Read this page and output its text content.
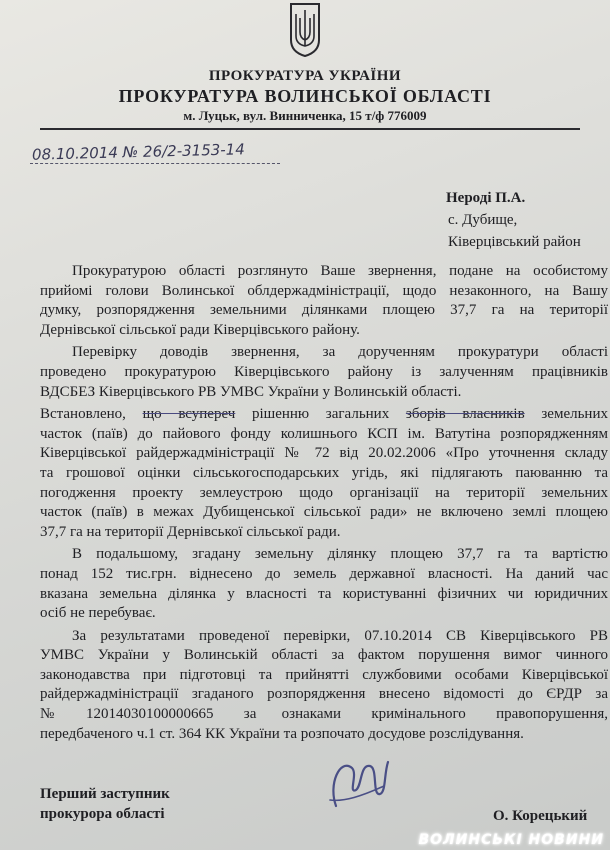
ПРОКУРАТУРА УКРАЇНИ
ПРОКУРАТУРА ВОЛИНСЬКОЇ ОБЛАСТІ
м. Луцьк, вул. Винниченка, 15 т/ф 776009
08.10.2014 № 26/2-3153-14
Нероді П.А.
с. Дубище,
Ківерцівський район
Прокуратурою області розглянуто Ваше звернення, подане на особистому
прийомі голови Волинської облдержадміністрації, щодо незаконного, на Вашу
думку, розпорядження земельними ділянками площею 37,7 га на території
Дернівської сільської ради Ківерцівського району.
Перевірку доводів звернення, за дорученням прокуратури області
проведено прокуратурою Ківерцівського району із залученням працівників
ВДСБЕЗ Ківерцівського РВ УМВС України у Волинській області.
Встановлено, що всупереч рішенню загальних зборів власників земельних
часток (паїв) до пайового фонду колишнього КСП ім. Ватутіна розпорядженням
Ківерцівської райдержадміністрації № 72 від 20.02.2006 «Про уточнення складу
та грошової оцінки сільськогосподарських угідь, які підлягають паюванню та
погодження проекту землеустрою щодо організації на території земельних
часток (паїв) в межах Дубищенської сільської ради» не включено землі площею
37,7 га на території Дернівської сільської ради.
В подальшому, згадану земельну ділянку площею 37,7 га та вартістю
понад 152 тис.грн. віднесено до земель державної власності. На даний час
вказана земельна ділянка у власності та користуванні фізичних чи юридичних
осіб не перебуває.
За результатами проведеної перевірки, 07.10.2014 СВ Ківерцівського РВ
УМВС України у Волинській області за фактом порушення вимог чинного
законодавства при підготовці та прийнятті службовими особами Ківерцівської
райдержадміністрації згаданого розпорядження внесено відомості до ЄРДР за
№      12014030100000665      за     ознаками      кримінального      правопорушення,
передбаченого ч.1 ст. 364 КК України та розпочато досудове розслідування.
Перший заступник
прокурора області	О. Корецький
ВОЛИНСЬКІ НОВИНИ
